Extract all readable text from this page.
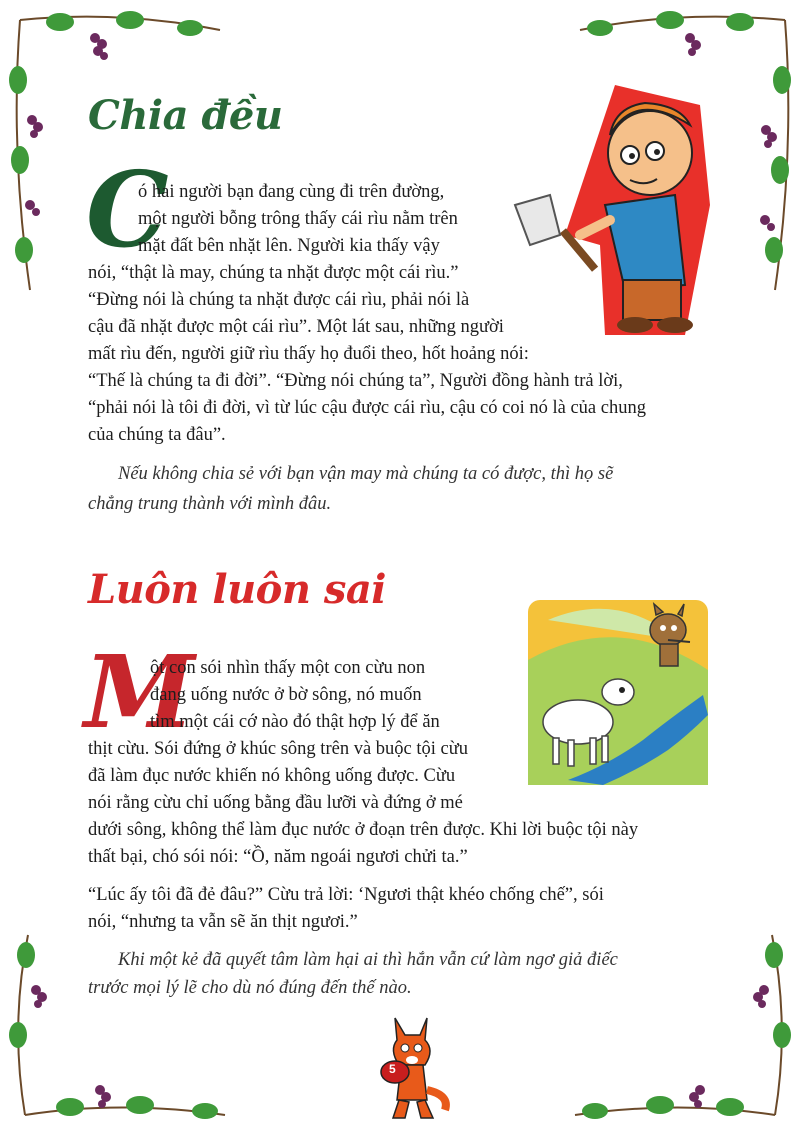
Chia đều
C

ó hai người bạn đang cùng đi trên đường,

một người bỗng trông thấy cái rìu nằm trên

mặt đất bên nhặt lên. Người kia thấy vậy

nói, “thật là may, chúng ta nhặt được một cái rìu.”

“Đừng nói là chúng ta nhặt được cái rìu, phải nói là

cậu đã nhặt được một cái rìu”. Một lát sau, những người

mất rìu đến, người giữ rìu thấy họ đuổi theo, hốt hoảng nói:

“Thế là chúng ta đi đời”. “Đừng nói chúng ta”, Người đồng hành trả lời,

“phải nói là tôi đi đời, vì từ lúc cậu được cái rìu, cậu có coi nó là của chung

của chúng ta đâu”.

Nếu không chia sẻ với bạn vận may mà chúng ta có được, thì họ sẽ

chẳng trung thành với mình đâu.

Luôn luôn sai
M

ột con sói nhìn thấy một con cừu non

đang uống nước ở bờ sông, nó muốn

tìm một cái cớ nào đó thật hợp lý để ăn

thịt cừu. Sói đứng ở khúc sông trên và buộc tội cừu

đã làm đục nước khiến nó không uống được. Cừu

nói rằng cừu chỉ uống bằng đầu lưỡi và đứng ở mé

dưới sông, không thể làm đục nước ở đoạn trên được. Khi lời buộc tội này

thất bại, chó sói nói: “Ồ, năm ngoái ngươi chửi ta.”

“Lúc ấy tôi đã đẻ đâu?” Cừu trả lời: ‘Ngươi thật khéo chống chế”, sói

nói, “nhưng ta vẫn sẽ ăn thịt ngươi.”

Khi một kẻ đã quyết tâm làm hại ai thì hắn vẫn cứ làm ngơ giả điếc

trước mọi lý lẽ cho dù nó đúng đến thế nào.

5
